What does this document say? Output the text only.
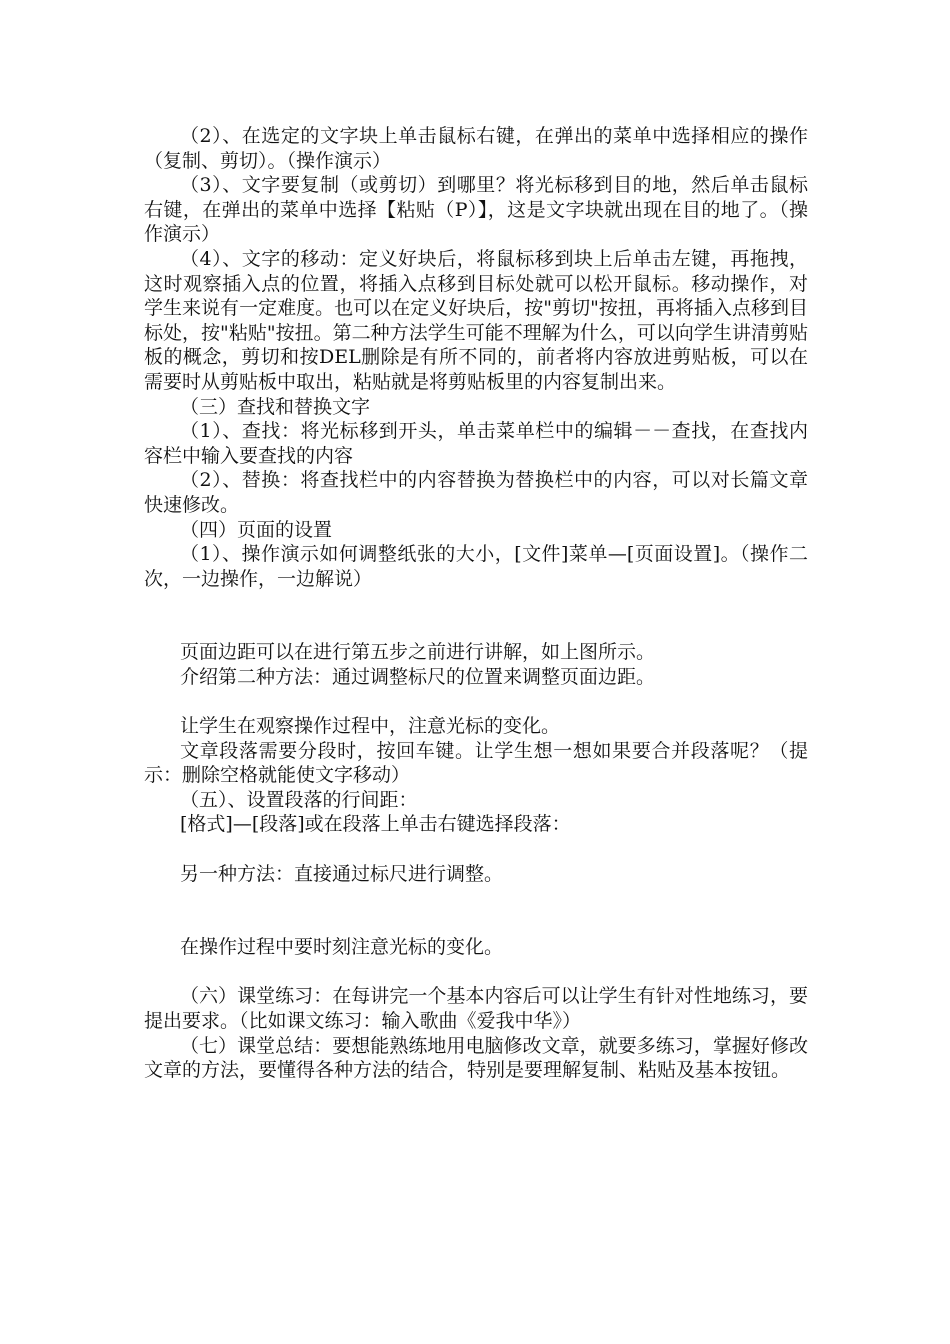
（2）、在选定的文字块上单击鼠标右键，在弹出的菜单中选择相应的操作（复制、剪切）。（操作演示）

（3）、文字要复制（或剪切）到哪里？将光标移到目的地，然后单击鼠标右键，在弹出的菜单中选择【粘贴（P）】，这是文字块就出现在目的地了。（操作演示）

（4）、文字的移动：定义好块后，将鼠标移到块上后单击左键，再拖拽，这时观察插入点的位置，将插入点移到目标处就可以松开鼠标。移动操作，对学生来说有一定难度。也可以在定义好块后，按"剪切"按扭，再将插入点移到目标处，按"粘贴"按扭。第二种方法学生可能不理解为什么，可以向学生讲清剪贴板的概念，剪切和按DEL删除是有所不同的，前者将内容放进剪贴板，可以在需要时从剪贴板中取出，粘贴就是将剪贴板里的内容复制出来。

（三）查找和替换文字

（1）、查找：将光标移到开头，单击菜单栏中的编辑－－查找，在查找内容栏中输入要查找的内容

（2）、替换：将查找栏中的内容替换为替换栏中的内容，可以对长篇文章快速修改。

（四）页面的设置

（1）、操作演示如何调整纸张的大小，[文件]菜单—[页面设置]。（操作二次，一边操作，一边解说）

页面边距可以在进行第五步之前进行讲解，如上图所示。

介绍第二种方法：通过调整标尺的位置来调整页面边距。

让学生在观察操作过程中，注意光标的变化。

文章段落需要分段时，按回车键。让学生想一想如果要合并段落呢？（提示：删除空格就能使文字移动）

（五）、设置段落的行间距：

[格式]—[段落]或在段落上单击右键选择段落：

另一种方法：直接通过标尺进行调整。

在操作过程中要时刻注意光标的变化。

（六）课堂练习：在每讲完一个基本内容后可以让学生有针对性地练习，要提出要求。（比如课文练习：输入歌曲《爱我中华》）

（七）课堂总结：要想能熟练地用电脑修改文章，就要多练习，掌握好修改文章的方法，要懂得各种方法的结合，特别是要理解复制、粘贴及基本按钮。
